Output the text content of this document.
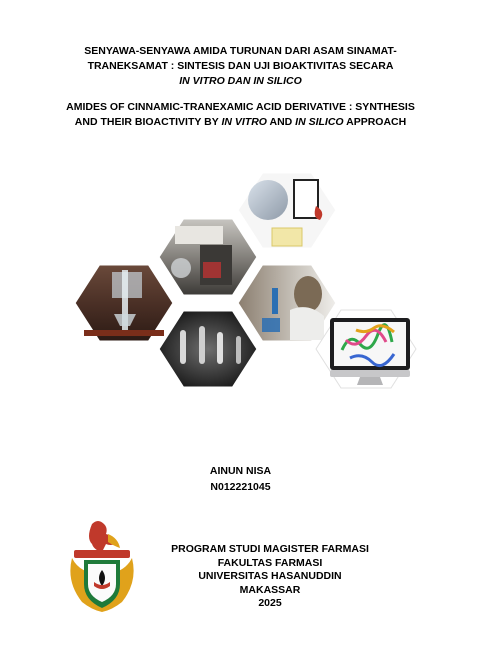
SENYAWA-SENYAWA AMIDA TURUNAN DARI ASAM SINAMAT-
TRANEKSAMAT : SINTESIS DAN UJI BIOAKTIVITAS SECARA
IN VITRO DAN IN SILICO
AMIDES OF CINNAMIC-TRANEXAMIC ACID DERIVATIVE : SYNTHESIS
AND THEIR BIOACTIVITY BY IN VITRO AND IN SILICO APPROACH
AINUN NISA
N012221045
PROGRAM STUDI MAGISTER FARMASI
FAKULTAS FARMASI
UNIVERSITAS HASANUDDIN
MAKASSAR
2025
